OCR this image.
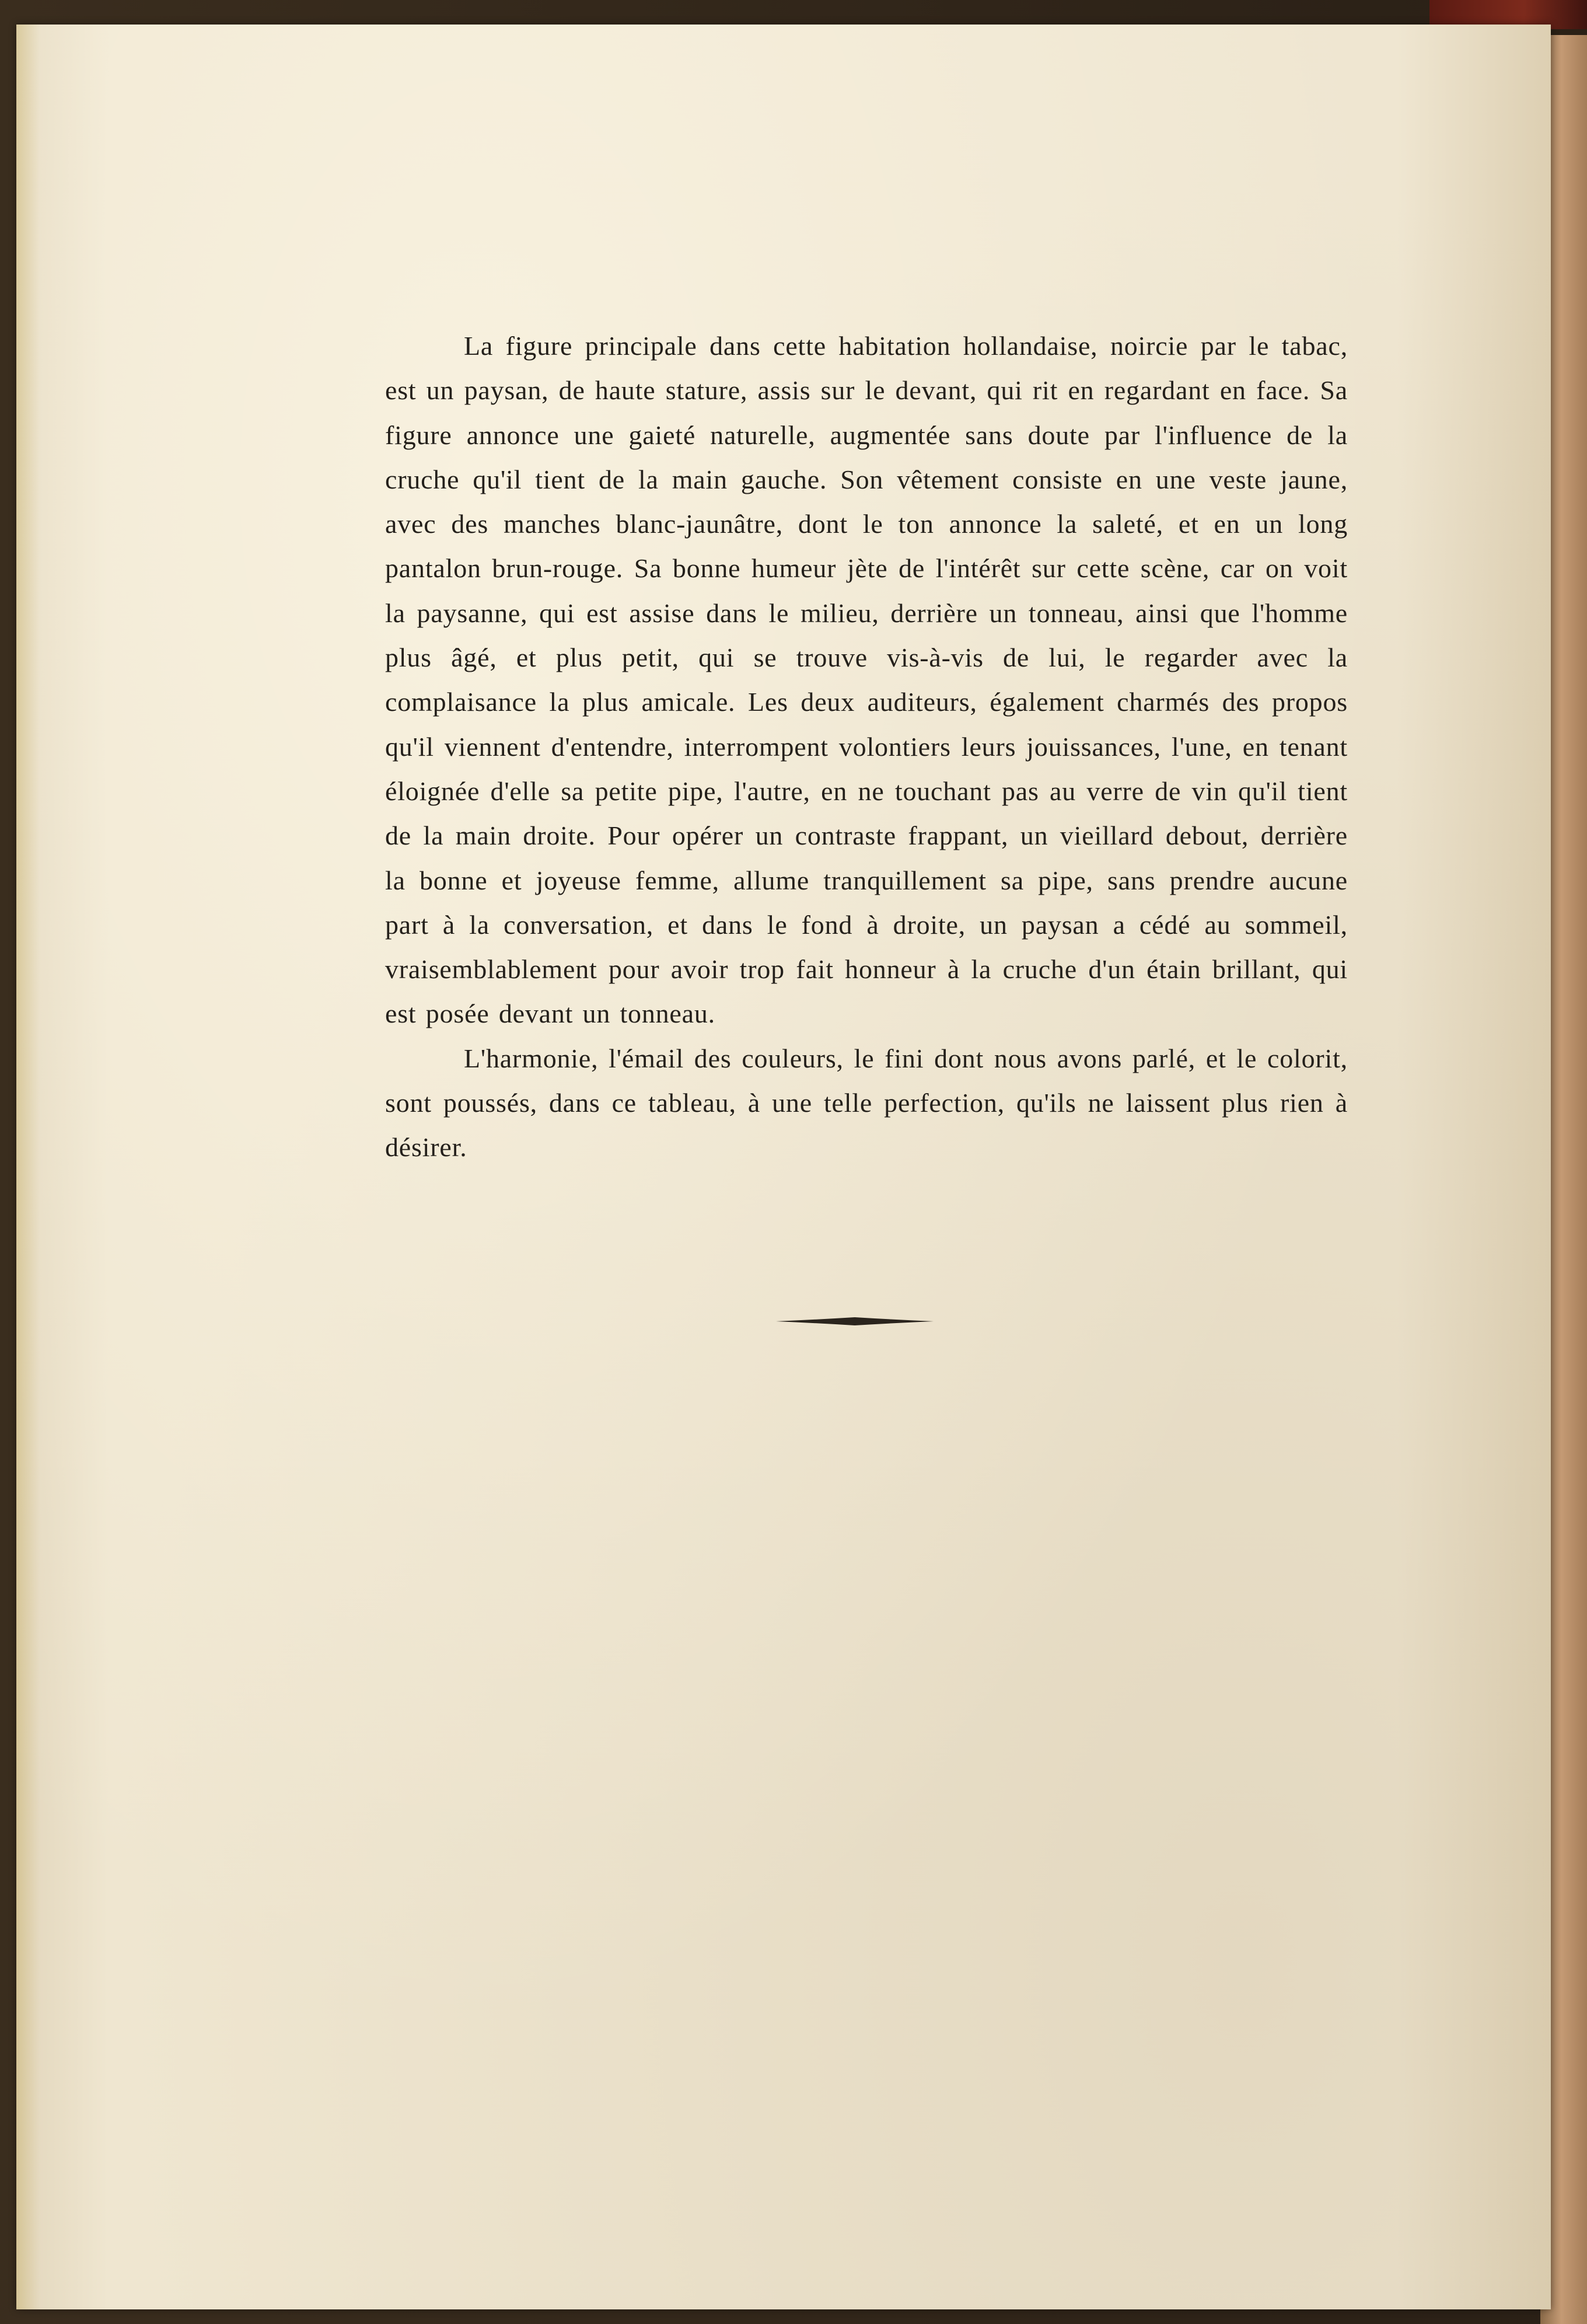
La figure principale dans cette habitation hollandaise, noircie par le tabac, est un paysan, de haute stature, assis sur le devant, qui rit en regardant en face. Sa figure annonce une gaieté naturelle, augmentée sans doute par l'influence de la cruche qu'il tient de la main gauche. Son vêtement consiste en une veste jaune, avec des manches blanc-jaunâtre, dont le ton annonce la saleté, et en un long pantalon brun-rouge. Sa bonne humeur jète de l'intérêt sur cette scène, car on voit la paysanne, qui est assise dans le milieu, derrière un tonneau, ainsi que l'homme plus âgé, et plus petit, qui se trouve vis-à-vis de lui, le regarder avec la complaisance la plus amicale. Les deux auditeurs, également charmés des propos qu'il viennent d'entendre, interrompent volontiers leurs jouissances, l'une, en tenant éloignée d'elle sa petite pipe, l'autre, en ne touchant pas au verre de vin qu'il tient de la main droite. Pour opérer un contraste frappant, un vieillard debout, derrière la bonne et joyeuse femme, allume tranquillement sa pipe, sans prendre aucune part à la conversation, et dans le fond à droite, un paysan a cédé au sommeil, vraisemblablement pour avoir trop fait honneur à la cruche d'un étain brillant, qui est posée devant un tonneau.

L'harmonie, l'émail des couleurs, le fini dont nous avons parlé, et le colorit, sont poussés, dans ce tableau, à une telle perfection, qu'ils ne laissent plus rien à désirer.
